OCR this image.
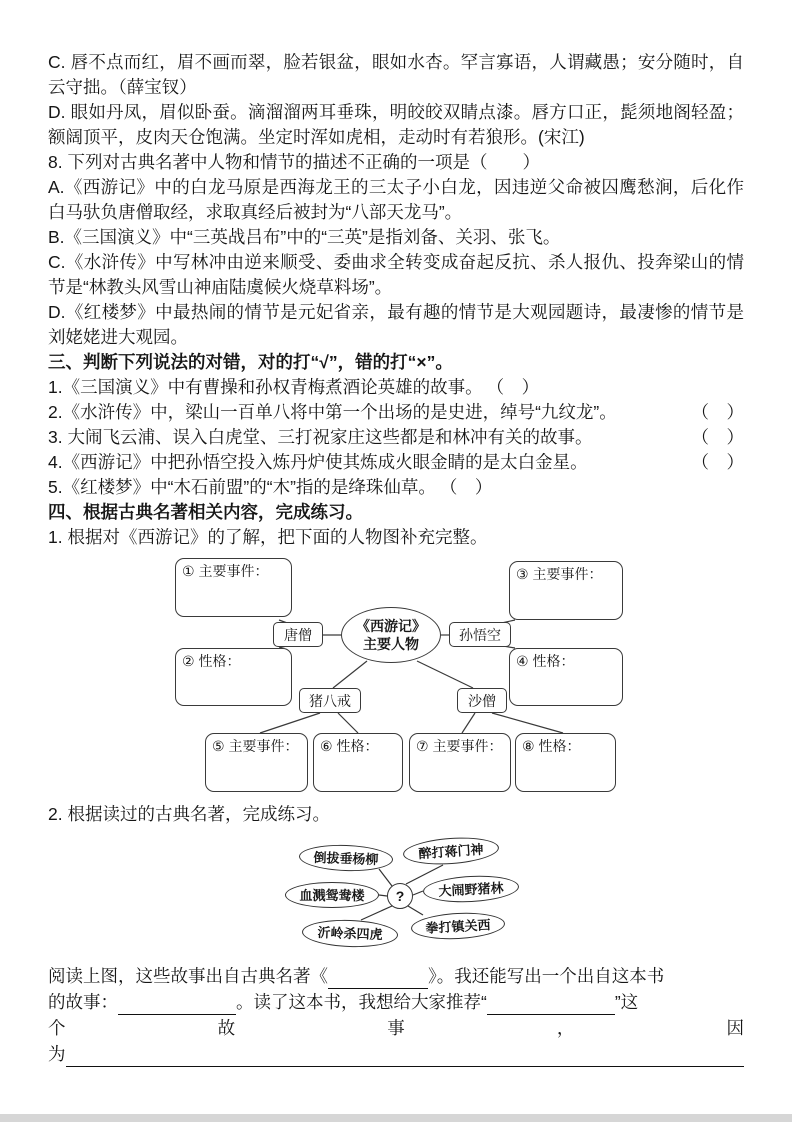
C. 唇不点而红，眉不画而翠，脸若银盆，眼如水杏。罕言寡语，人谓藏愚；安分随时，自云守拙。（薛宝钗）

D. 眼如丹凤，眉似卧蚕。滴溜溜两耳垂珠，明皎皎双睛点漆。唇方口正，髭须地阁轻盈；额阔顶平，皮肉天仓饱满。坐定时浑如虎相，走动时有若狼形。(宋江)

8. 下列对古典名著中人物和情节的描述不正确的一项是（　　）

A.《西游记》中的白龙马原是西海龙王的三太子小白龙，因违逆父命被囚鹰愁涧，后化作白马驮负唐僧取经，求取真经后被封为“八部天龙马”。

B.《三国演义》中“三英战吕布”中的“三英”是指刘备、关羽、张飞。

C.《水浒传》中写林冲由逆来顺受、委曲求全转变成奋起反抗、杀人报仇、投奔梁山的情节是“林教头风雪山神庙陆虞候火烧草料场”。

D.《红楼梦》中最热闹的情节是元妃省亲，最有趣的情节是大观园题诗，最凄惨的情节是刘姥姥进大观园。

三、判断下列说法的对错，对的打“√”，错的打“×”。

1.《三国演义》中有曹操和孙权青梅煮酒论英雄的故事。 （　）
2.《水浒传》中，梁山一百单八将中第一个出场的是史进，绰号“九纹龙”。	（　）
3. 大闹飞云浦、误入白虎堂、三打祝家庄这些都是和林冲有关的故事。	（　）
4.《西游记》中把孙悟空投入炼丹炉使其炼成火眼金睛的是太白金星。	（　）
5.《红楼梦》中“木石前盟”的“木”指的是绛珠仙草。 （　）

四、根据古典名著相关内容，完成练习。

1. 根据对《西游记》的了解，把下面的人物图补充完整。

① 主要事件：
② 性格：
③ 主要事件：
④ 性格：
⑤ 主要事件：	⑥ 性格：	⑦ 主要事件：	⑧ 性格：
唐僧	孙悟空
猪八戒	沙僧
《西游记》
主要人物

2. 根据读过的古典名著，完成练习。

倒拔垂杨柳	醉打蒋门神
血溅鸳鸯楼	大闹野猪林
沂岭杀四虎	拳打镇关西
?
阅读上图，这些故事出自古典名著《	》。我还能写出一个出自这本书
的故事：	。读了这本书，我想给大家推荐“	”这
个	故	事	，	因
为
